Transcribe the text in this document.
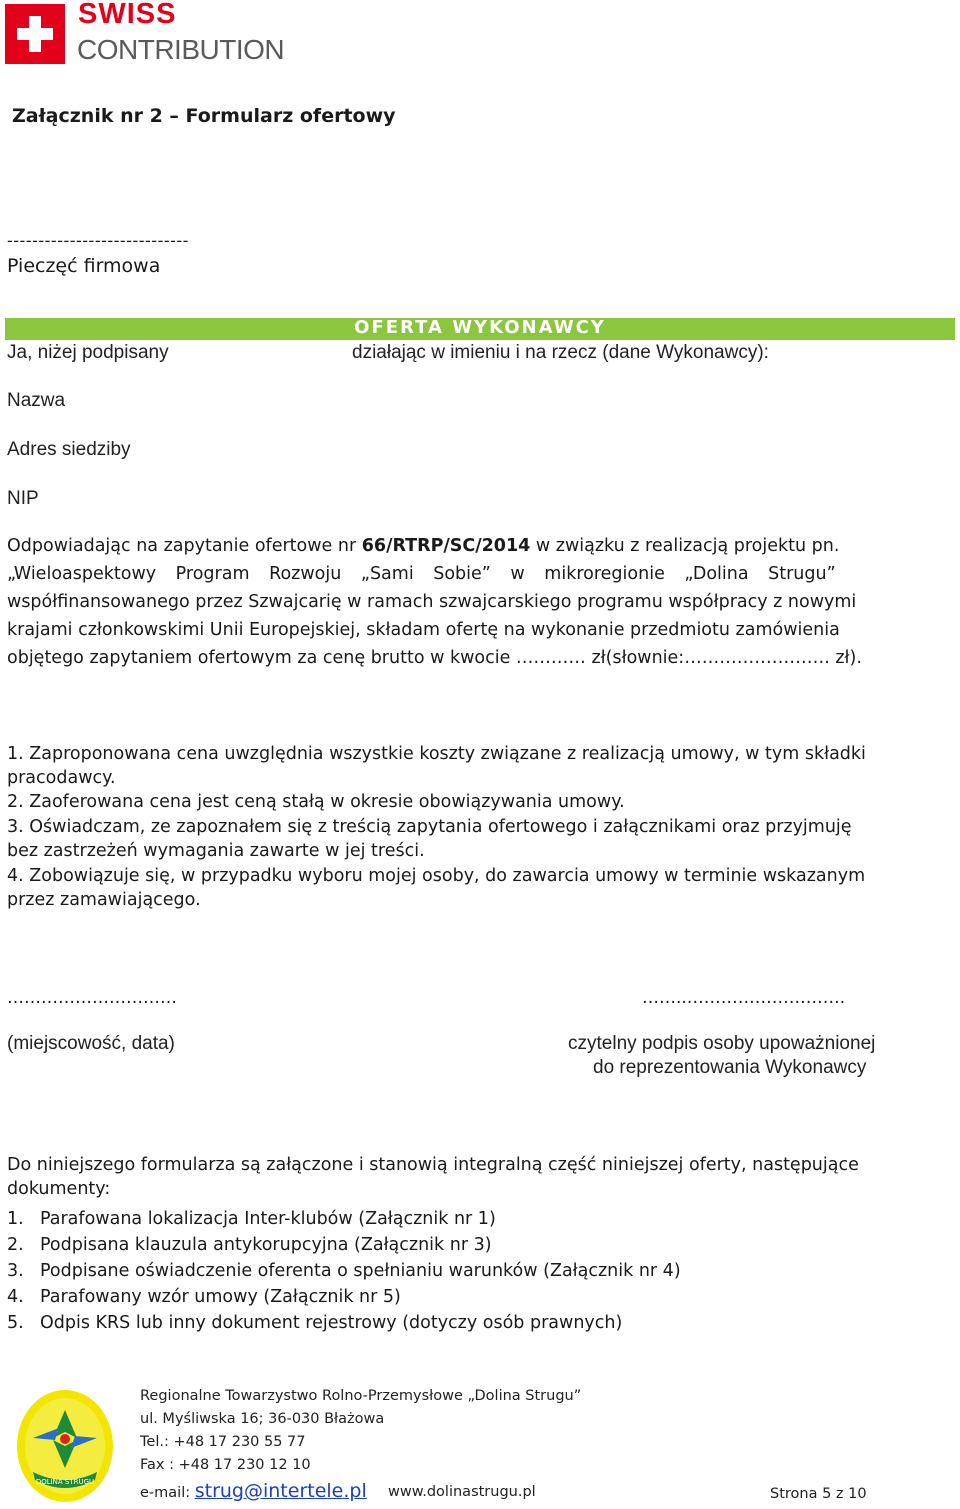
SWISS
CONTRIBUTION
Załącznik nr 2 – Formularz ofertowy
-----------------------------
Pieczęć firmowa
OFERTA WYKONAWCY
Ja, niżej podpisany	działając w imieniu i na rzecz (dane Wykonawcy):
Nazwa
Adres siedziby
NIP
Odpowiadając na zapytanie ofertowe nr 66/RTRP/SC/2014 w związku z realizacją projektu pn.
„Wieloaspektowy Program Rozwoju „Sami Sobie” w mikroregionie „Dolina Strugu”
współfinansowanego przez Szwajcarię w ramach szwajcarskiego programu współpracy z nowymi
krajami członkowskimi Unii Europejskiej, składam ofertę na wykonanie przedmiotu zamówienia
objętego zapytaniem ofertowym za cenę brutto w kwocie ………… zł(słownie:……………………. zł).
1. Zaproponowana cena uwzględnia wszystkie koszty związane z realizacją umowy, w tym składki
pracodawcy.
2. Zaoferowana cena jest ceną stałą w okresie obowiązywania umowy.
3. Oświadczam, ze zapoznałem się z treścią zapytania ofertowego i załącznikami oraz przyjmuję
bez zastrzeżeń wymagania zawarte w jej treści.
4. Zobowiązuje się, w przypadku wyboru mojej osoby, do zawarcia umowy w terminie wskazanym
przez zamawiającego.
…………………………	……..……………………….
(miejscowość, data)	czytelny podpis osoby upoważnionej
do reprezentowania Wykonawcy
Do niniejszego formularza są załączone i stanowią integralną część niniejszej oferty, następujące
dokumenty:
1. Parafowana lokalizacja Inter-klubów (Załącznik nr 1)
2. Podpisana klauzula antykorupcyjna (Załącznik nr 3)
3. Podpisane oświadczenie oferenta o spełnianiu warunków (Załącznik nr 4)
4. Parafowany wzór umowy (Załącznik nr 5)
5. Odpis KRS lub inny dokument rejestrowy (dotyczy osób prawnych)
DOLINA STRUGU
Regionalne Towarzystwo Rolno-Przemysłowe „Dolina Strugu”
ul. Myśliwska 16; 36-030 Błażowa
Tel.: +48 17 230 55 77
Fax : +48 17 230 12 10
e-mail: strug@intertele.pl www.dolinastrugu.pl	Strona 5 z 10
